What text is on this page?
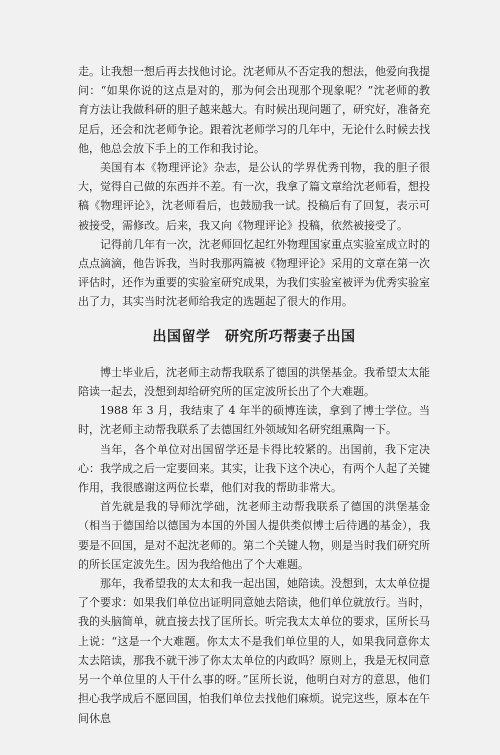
走。让我想一想后再去找他讨论。沈老师从不否定我的想法，他爱向我提问：“如果你说的这点是对的，那为何会出现那个现象呢？”沈老师的教育方法让我做科研的胆子越来越大。有时候出现问题了，研究好，准备充足后，还会和沈老师争论。跟着沈老师学习的几年中，无论什么时候去找他，他总会放下手上的工作和我讨论。

美国有本《物理评论》杂志，是公认的学界优秀刊物，我的胆子很大，觉得自己做的东西并不差。有一次，我拿了篇文章给沈老师看，想投稿《物理评论》，沈老师看后，也鼓励我一试。投稿后有了回复，表示可被接受，需修改。后来，我又向《物理评论》投稿，依然被接受了。

记得前几年有一次，沈老师回忆起红外物理国家重点实验室成立时的点点滴滴，他告诉我，当时我那两篇被《物理评论》采用的文章在第一次评估时，还作为重要的实验室研究成果，为我们实验室被评为优秀实验室出了力，其实当时沈老师给我定的选题起了很大的作用。

出国留学　研究所巧帮妻子出国

博士毕业后，沈老师主动帮我联系了德国的洪堡基金。我希望太太能陪读一起去，没想到却给研究所的匡定波所长出了个大难题。

1988 年 3 月，我结束了 4 年半的硕博连读，拿到了博士学位。当时，沈老师主动帮我联系了去德国红外领域知名研究组熏陶一下。

当年，各个单位对出国留学还是卡得比较紧的。出国前，我下定决心：我学成之后一定要回来。其实，让我下这个决心，有两个人起了关键作用，我很感谢这两位长辈，他们对我的帮助非常大。

首先就是我的导师沈学础，沈老师主动帮我联系了德国的洪堡基金（相当于德国给以德国为本国的外国人提供类似博士后待遇的基金），我要是不回国，是对不起沈老师的。第二个关键人物，则是当时我们研究所的所长匡定波先生。因为我给他出了个大难题。

那年，我希望我的太太和我一起出国，她陪读。没想到，太太单位提了个要求：如果我们单位出证明同意她去陪读，他们单位就放行。当时，我的头脑简单，就直接去找了匡所长。听完我太太单位的要求，匡所长马上说：“这是一个大难题。你太太不是我们单位里的人，如果我同意你太太去陪读，那我不就干涉了你太太单位的内政吗？原则上，我是无权同意另一个单位里的人干什么事的呀。”匡所长说，他明白对方的意思，他们担心我学成后不愿回国，怕我们单位去找他们麻烦。说完这些，原本在午间休息
